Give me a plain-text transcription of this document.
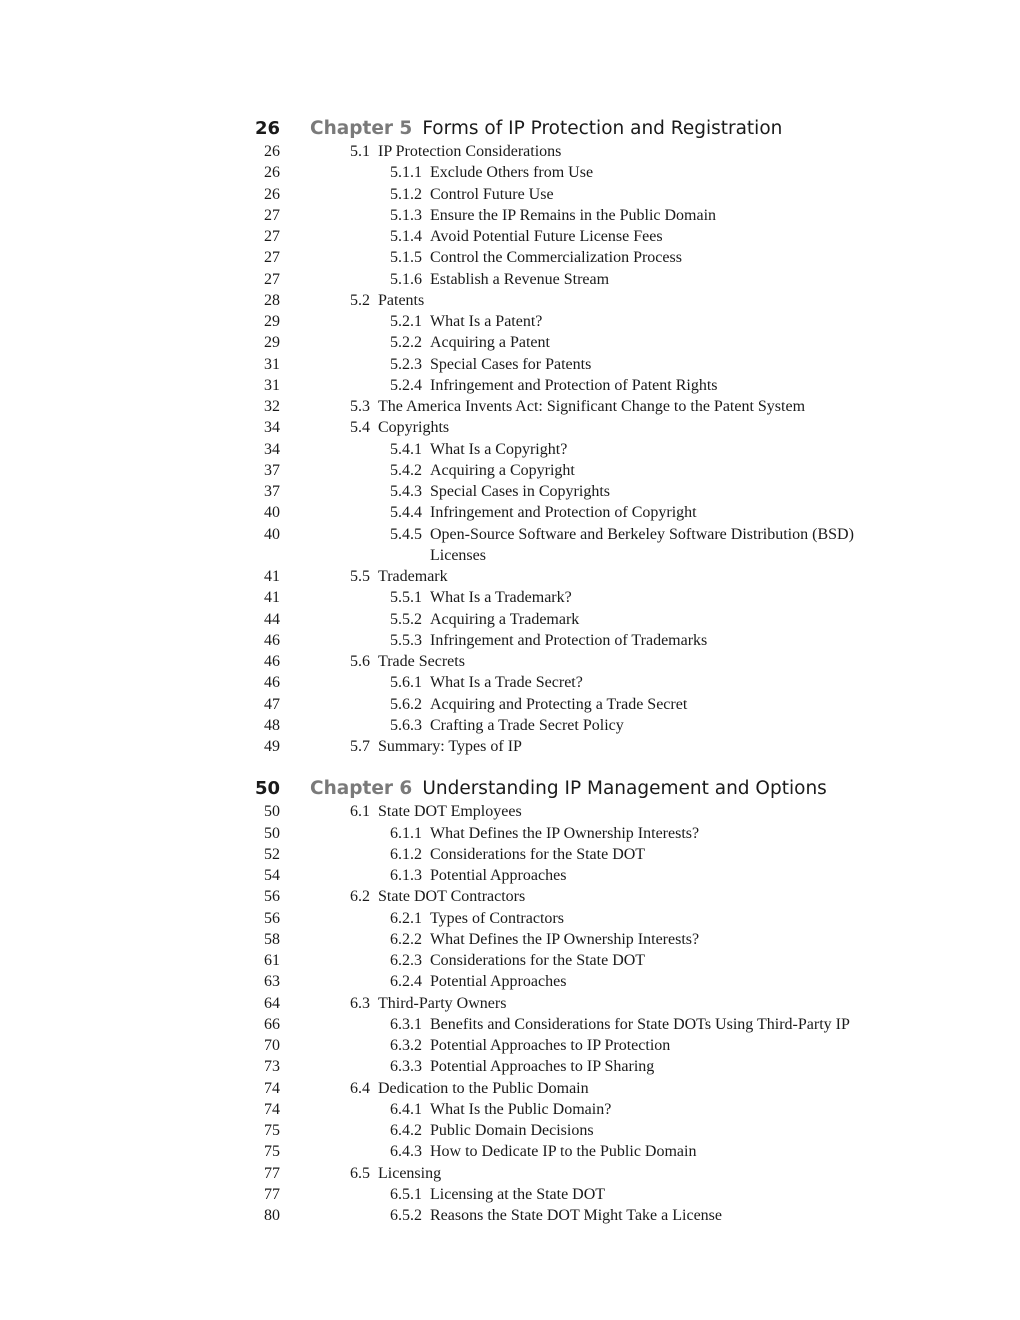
26	Chapter 5 Forms of IP Protection and Registration
26	5.1 IP Protection Considerations
26	5.1.1 Exclude Others from Use
26	5.1.2 Control Future Use
27	5.1.3 Ensure the IP Remains in the Public Domain
27	5.1.4 Avoid Potential Future License Fees
27	5.1.5 Control the Commercialization Process
27	5.1.6 Establish a Revenue Stream
28	5.2 Patents
29	5.2.1 What Is a Patent?
29	5.2.2 Acquiring a Patent
31	5.2.3 Special Cases for Patents
31	5.2.4 Infringement and Protection of Patent Rights
32	5.3 The America Invents Act: Significant Change to the Patent System
34	5.4 Copyrights
34	5.4.1 What Is a Copyright?
37	5.4.2 Acquiring a Copyright
37	5.4.3 Special Cases in Copyrights
40	5.4.4 Infringement and Protection of Copyright
40	5.4.5 Open-Source Software and Berkeley Software Distribution (BSD) Licenses
41	5.5 Trademark
41	5.5.1 What Is a Trademark?
44	5.5.2 Acquiring a Trademark
46	5.5.3 Infringement and Protection of Trademarks
46	5.6 Trade Secrets
46	5.6.1 What Is a Trade Secret?
47	5.6.2 Acquiring and Protecting a Trade Secret
48	5.6.3 Crafting a Trade Secret Policy
49	5.7 Summary: Types of IP
50	Chapter 6 Understanding IP Management and Options
50	6.1 State DOT Employees
50	6.1.1 What Defines the IP Ownership Interests?
52	6.1.2 Considerations for the State DOT
54	6.1.3 Potential Approaches
56	6.2 State DOT Contractors
56	6.2.1 Types of Contractors
58	6.2.2 What Defines the IP Ownership Interests?
61	6.2.3 Considerations for the State DOT
63	6.2.4 Potential Approaches
64	6.3 Third-Party Owners
66	6.3.1 Benefits and Considerations for State DOTs Using Third-Party IP
70	6.3.2 Potential Approaches to IP Protection
73	6.3.3 Potential Approaches to IP Sharing
74	6.4 Dedication to the Public Domain
74	6.4.1 What Is the Public Domain?
75	6.4.2 Public Domain Decisions
75	6.4.3 How to Dedicate IP to the Public Domain
77	6.5 Licensing
77	6.5.1 Licensing at the State DOT
80	6.5.2 Reasons the State DOT Might Take a License
